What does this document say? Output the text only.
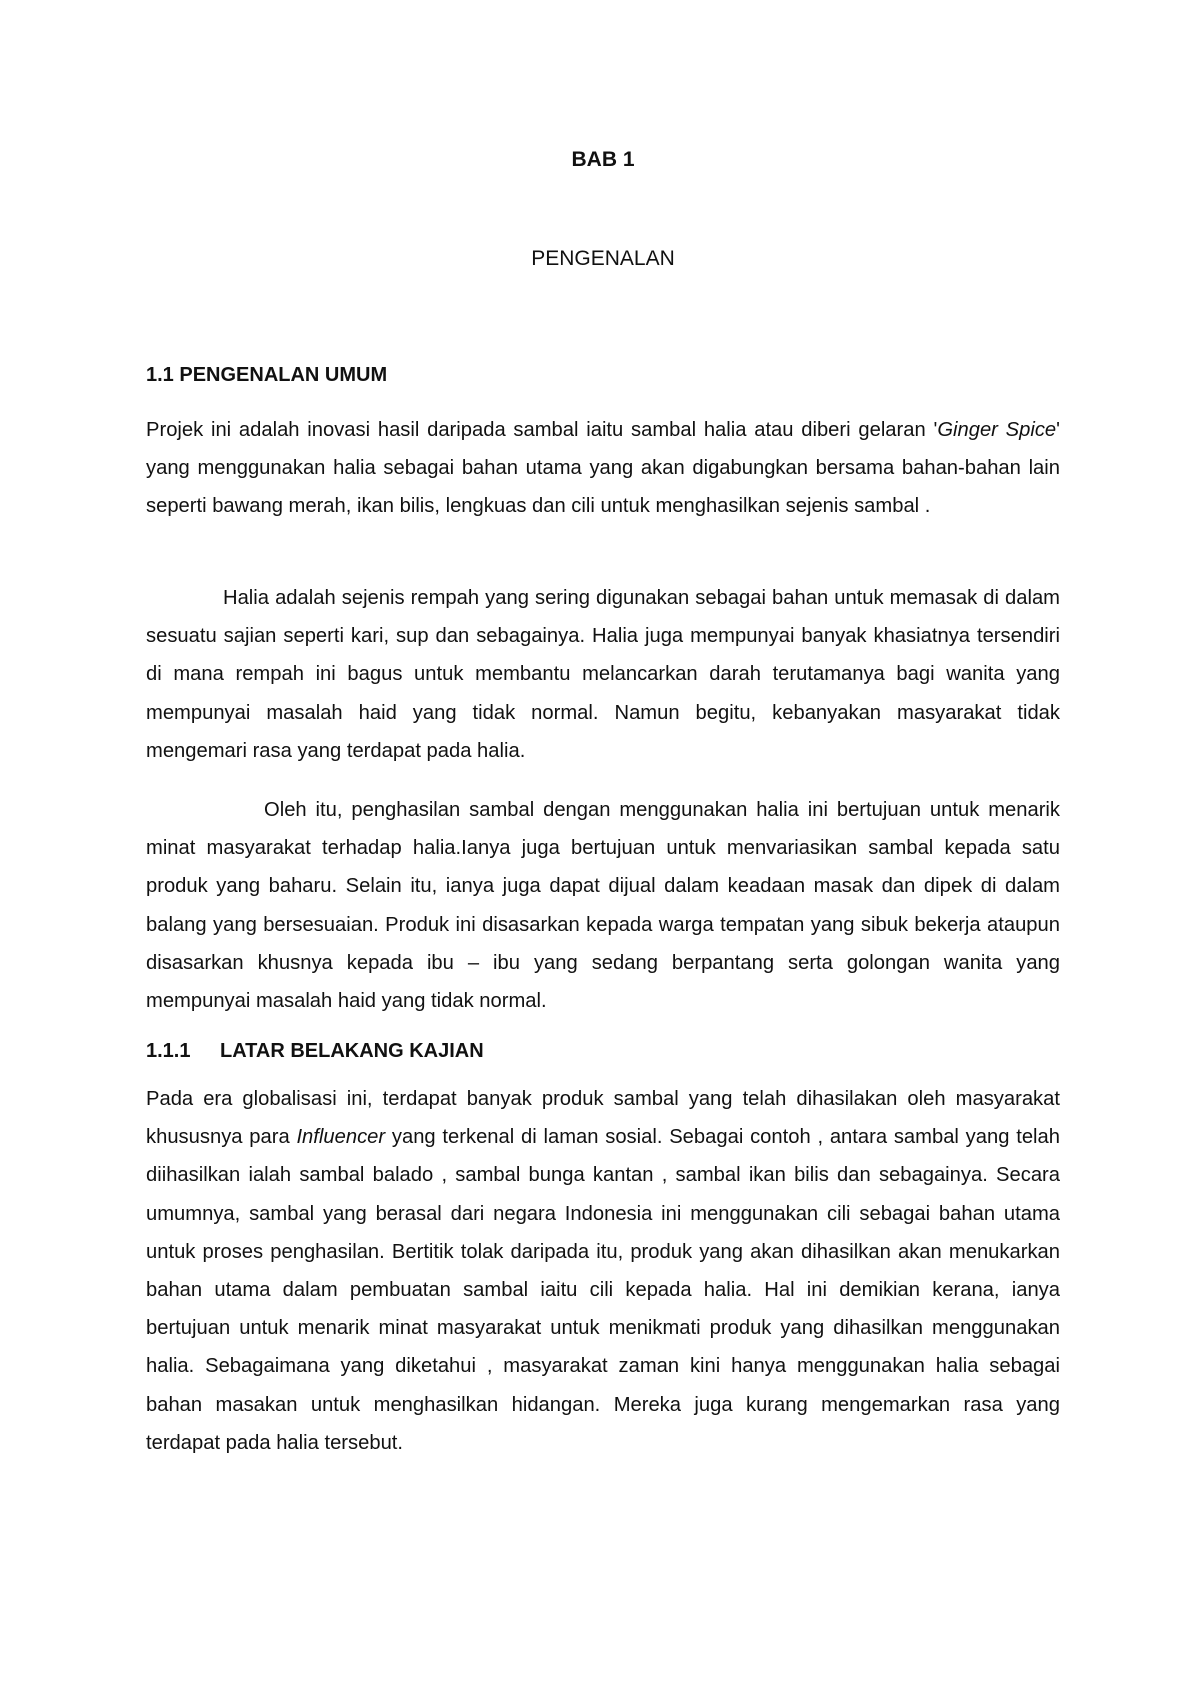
BAB 1
PENGENALAN
1.1 PENGENALAN UMUM

Projek ini adalah inovasi hasil daripada sambal iaitu sambal halia atau diberi gelaran 'Ginger Spice' yang menggunakan halia sebagai bahan utama yang akan digabungkan bersama bahan-bahan lain seperti bawang merah, ikan bilis, lengkuas dan cili untuk menghasilkan sejenis sambal .

Halia adalah sejenis rempah yang sering digunakan sebagai bahan untuk memasak di dalam sesuatu sajian seperti kari, sup dan sebagainya. Halia juga mempunyai banyak khasiatnya tersendiri di mana rempah ini bagus untuk membantu melancarkan darah terutamanya bagi wanita yang mempunyai masalah haid yang tidak normal. Namun begitu, kebanyakan masyarakat tidak mengemari rasa yang terdapat pada halia.

Oleh itu, penghasilan sambal dengan menggunakan halia ini bertujuan untuk menarik minat masyarakat terhadap halia.Ianya juga bertujuan untuk menvariasikan sambal kepada satu produk yang baharu. Selain itu, ianya juga dapat dijual dalam keadaan masak dan dipek di dalam balang yang bersesuaian. Produk ini disasarkan kepada warga tempatan yang sibuk bekerja ataupun disasarkan khusnya kepada ibu – ibu yang sedang berpantang serta golongan wanita yang mempunyai masalah haid yang tidak normal.

1.1.1 LATAR BELAKANG KAJIAN

Pada era globalisasi ini, terdapat banyak produk sambal yang telah dihasilakan oleh masyarakat khususnya para Influencer yang terkenal di laman sosial. Sebagai contoh , antara sambal yang telah diihasilkan ialah sambal balado , sambal bunga kantan , sambal ikan bilis dan sebagainya. Secara umumnya, sambal yang berasal dari negara Indonesia ini menggunakan cili sebagai bahan utama untuk proses penghasilan. Bertitik tolak daripada itu, produk yang akan dihasilkan akan menukarkan bahan utama dalam pembuatan sambal iaitu cili kepada halia. Hal ini demikian kerana, ianya bertujuan untuk menarik minat masyarakat untuk menikmati produk yang dihasilkan menggunakan halia. Sebagaimana yang diketahui , masyarakat zaman kini hanya menggunakan halia sebagai bahan masakan untuk menghasilkan hidangan. Mereka juga kurang mengemarkan rasa yang terdapat pada halia tersebut.
